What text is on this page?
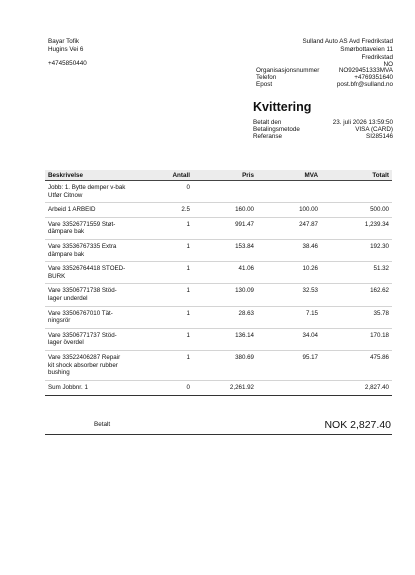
Bayar Tofik
Hugins Vei 6
+4745850440
Sulland Auto AS Avd Fredrikstad
Smørbottaveien 11
Fredrikstad
NO
Organisasjonsnummer	NO929451333MVA
Telefon	+4769351640
Epost	post.bfr@sulland.no
Kvittering
Betalt den	23. juli 2026 13:59:50
Betalingsmetode	VISA (CARD)
Referanse	SI285146
Beskrivelse	Antall	Pris	MVA	Totalt
Jobb: 1. Bytte demper v-bak Utfør Citnow	0			
Arbeid 1 ARBEID	2.5	160.00	100.00	500.00
Vare 33526771559 Støt-dämpare bak	1	991.47	247.87	1,239.34
Vare 33536767335 Extra dämpare bak	1	153.84	38.46	192.30
Vare 33526764418 STOED-BURK	1	41.06	10.26	51.32
Vare 33506771738 Stöd-lager underdel	1	130.09	32.53	162.62
Vare 33506767010 Tät-ningsrör	1	28.63	7.15	35.78
Vare 33506771737 Stöd-lager överdel	1	136.14	34.04	170.18
Vare 33522406287 Repair kit shock absorber rubber bushing	1	380.69	95.17	475.86
Sum Jobbnr. 1	0	2,261.92		2,827.40
Betalt	NOK 2,827.40
